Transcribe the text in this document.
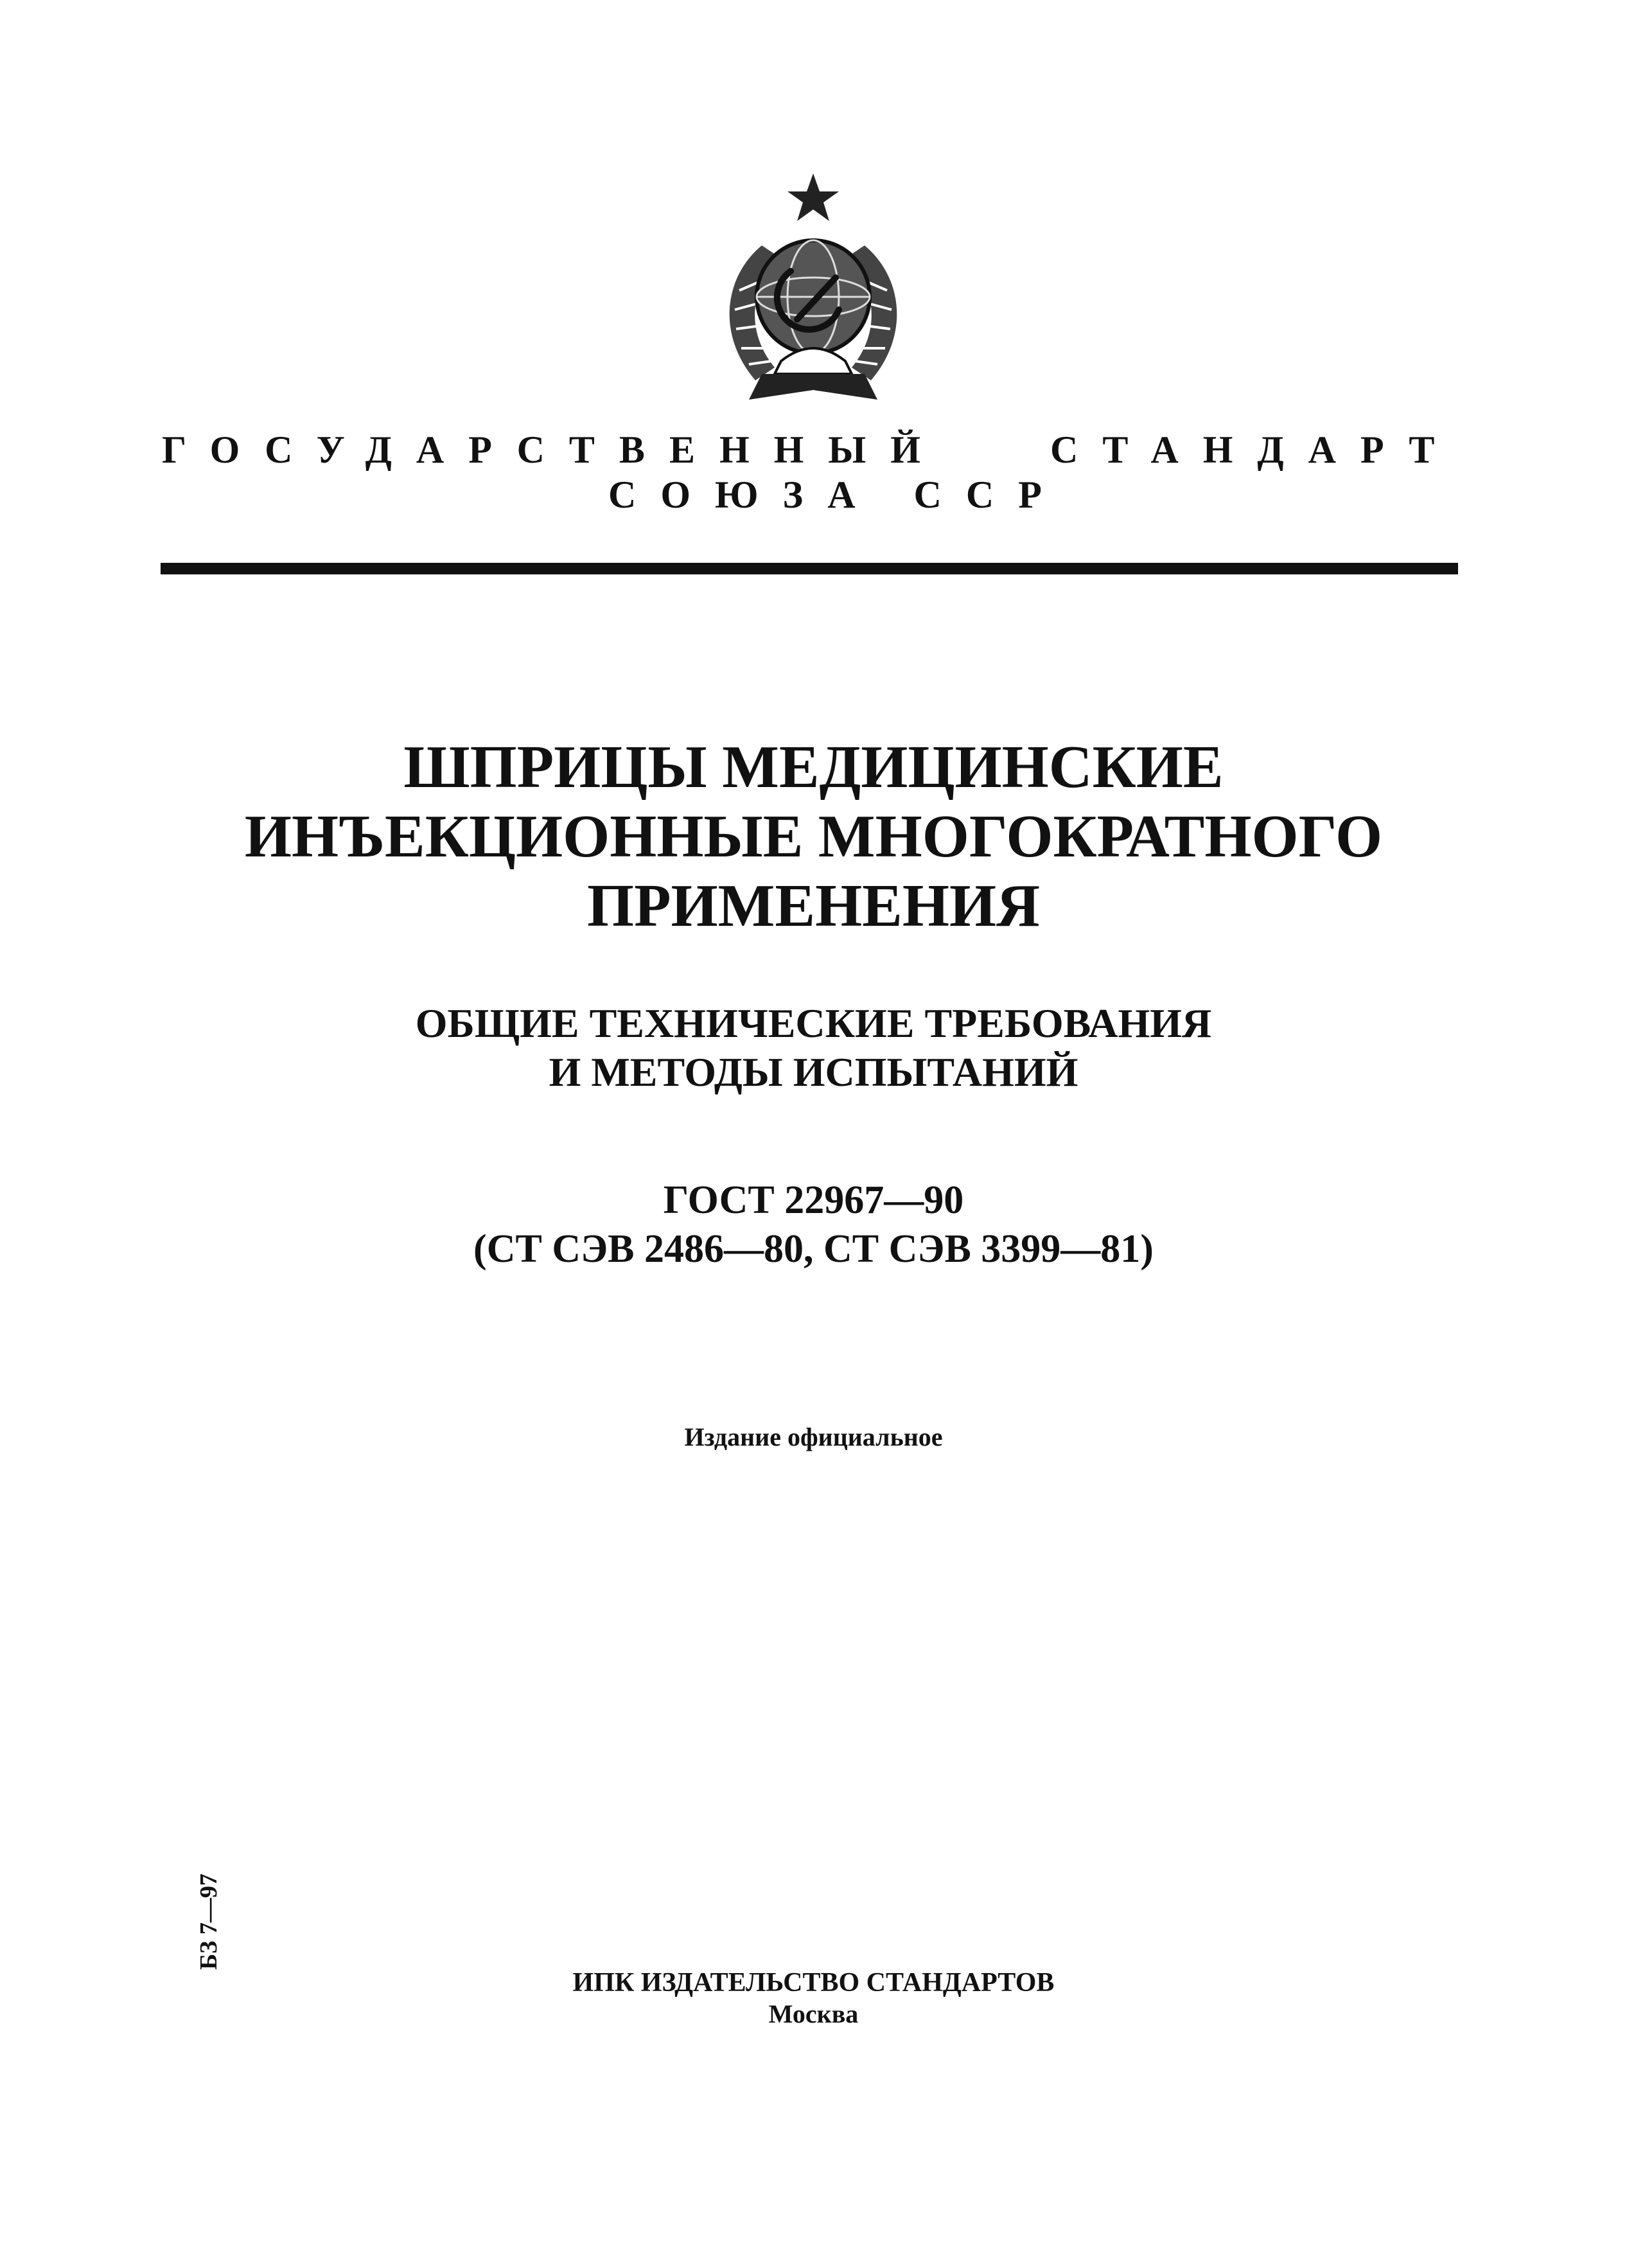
ГОСУДАРСТВЕННЫЙ	СТАНДАРТ
СОЮЗА ССР
ШПРИЦЫ МЕДИЦИНСКИЕ
ИНЪЕКЦИОННЫЕ МНОГОКРАТНОГО
ПРИМЕНЕНИЯ
ОБЩИЕ ТЕХНИЧЕСКИЕ ТРЕБОВАНИЯ
И МЕТОДЫ ИСПЫТАНИЙ
ГОСТ 22967—90
(СТ СЭВ 2486—80, СТ СЭВ 3399—81)
Издание официальное
БЗ 7—97
ИПК ИЗДАТЕЛЬСТВО СТАНДАРТОВ
Москва
